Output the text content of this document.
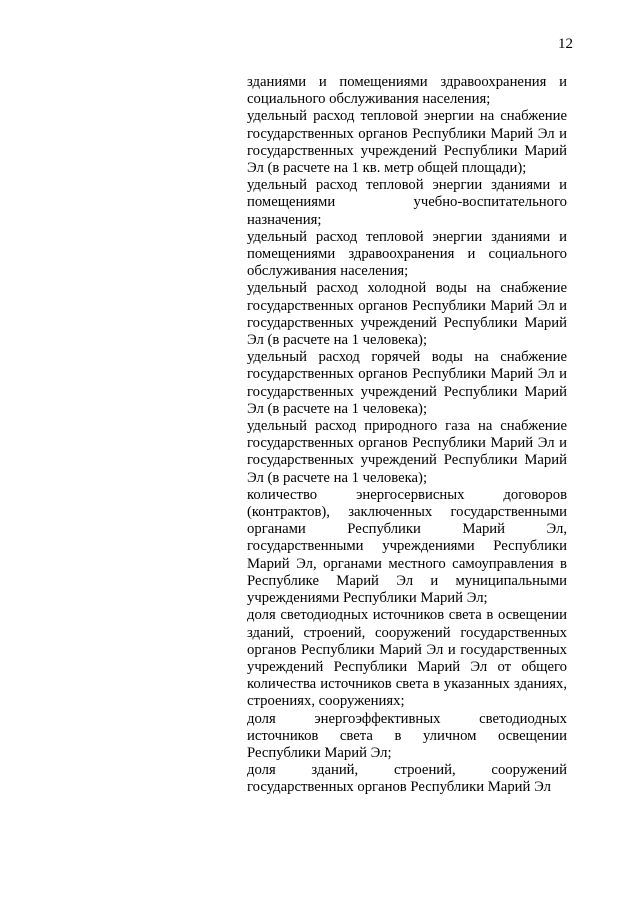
12

зданиями и помещениями здравоохранения и социального обслуживания населения;

удельный расход тепловой энергии на снабжение государственных органов Республики Марий Эл и государственных учреждений Республики Марий Эл (в расчете на 1 кв. метр общей площади);

удельный расход тепловой энергии зданиями и помещениями учебно-воспитательного назначения;

удельный расход тепловой энергии зданиями и помещениями здравоохранения и социального обслуживания населения;

удельный расход холодной воды на снабжение государственных органов Республики Марий Эл и государственных учреждений Республики Марий Эл (в расчете на 1 человека);

удельный расход горячей воды на снабжение государственных органов Республики Марий Эл и государственных учреждений Республики Марий Эл (в расчете на 1 человека);

удельный расход природного газа на снабжение государственных органов Республики Марий Эл и государственных учреждений Республики Марий Эл (в расчете на 1 человека);

количество энергосервисных договоров (контрактов), заключенных государственными органами Республики Марий Эл, государственными учреждениями Республики Марий Эл, органами местного самоуправления в Республике Марий Эл и муниципальными учреждениями Республики Марий Эл;

доля светодиодных источников света в освещении зданий, строений, сооружений государственных органов Республики Марий Эл и государственных учреждений Республики Марий Эл от общего количества источников света в указанных зданиях, строениях, сооружениях;

доля энергоэффективных светодиодных источников света в уличном освещении Республики Марий Эл;

доля зданий, строений, сооружений государственных органов Республики Марий Эл
